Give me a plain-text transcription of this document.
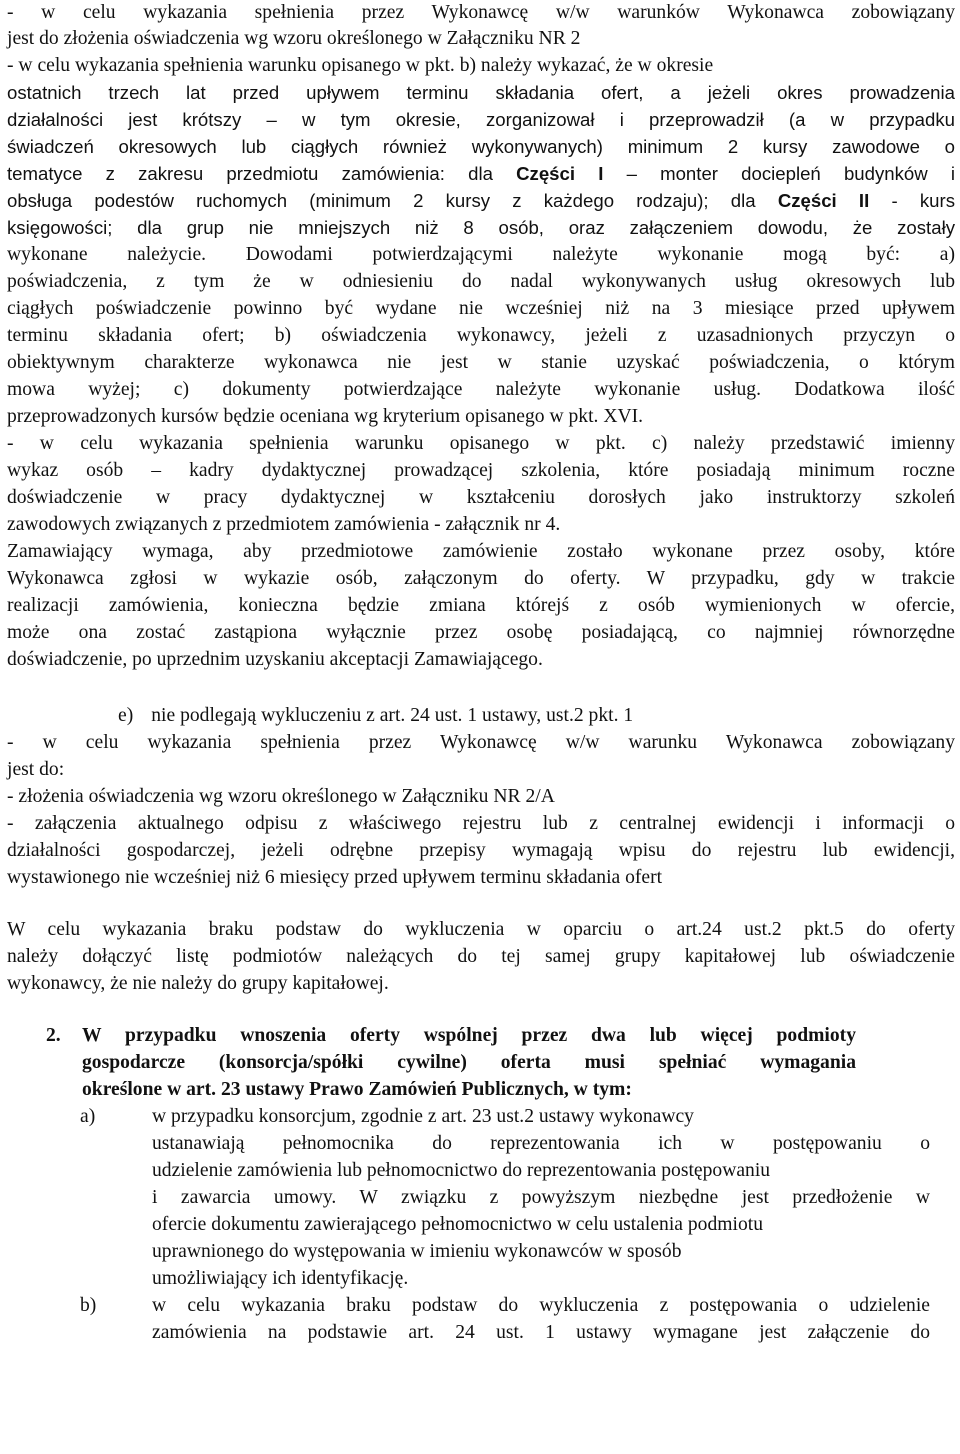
- w celu wykazania spełnienia przez Wykonawcę w/w warunków Wykonawca zobowiązany
jest do złożenia oświadczenia wg wzoru określonego w Załączniku NR 2
- w celu wykazania spełnienia warunku opisanego w pkt. b) należy wykazać, że w okresie
ostatnich trzech lat przed upływem terminu składania ofert, a jeżeli okres prowadzenia
działalności jest krótszy – w tym okresie, zorganizował i przeprowadził (a w przypadku
świadczeń okresowych lub ciągłych również wykonywanych) minimum 2 kursy zawodowe o
tematyce z zakresu przedmiotu zamówienia: dla Części I – monter dociepleń budynków i
obsługa podestów ruchomych (minimum 2 kursy z każdego rodzaju); dla Części II - kurs
księgowości; dla grup nie mniejszych niż 8 osób, oraz załączeniem dowodu, że zostały
wykonane należycie. Dowodami potwierdzającymi należyte wykonanie mogą być: a)
poświadczenia, z tym że w odniesieniu do nadal wykonywanych usług okresowych lub
ciągłych poświadczenie powinno być wydane nie wcześniej niż na 3 miesiące przed upływem
terminu składania ofert; b) oświadczenia wykonawcy, jeżeli z uzasadnionych przyczyn o
obiektywnym charakterze wykonawca nie jest w stanie uzyskać poświadczenia, o którym
mowa wyżej; c) dokumenty potwierdzające należyte wykonanie usług. Dodatkowa ilość
przeprowadzonych kursów będzie oceniana wg kryterium opisanego w pkt. XVI.
- w celu wykazania spełnienia warunku opisanego w pkt. c) należy przedstawić imienny
wykaz osób – kadry dydaktycznej prowadzącej szkolenia, które posiadają minimum roczne
doświadczenie w pracy dydaktycznej w kształceniu dorosłych jako instruktorzy szkoleń
zawodowych związanych z przedmiotem zamówienia - załącznik nr 4.
Zamawiający wymaga, aby przedmiotowe zamówienie zostało wykonane przez osoby, które
Wykonawca zgłosi w wykazie osób, załączonym do oferty. W przypadku, gdy w trakcie
realizacji zamówienia, konieczna będzie zmiana którejś z osób wymienionych w ofercie,
może ona zostać zastąpiona wyłącznie przez osobę posiadającą, co najmniej równorzędne
doświadczenie, po uprzednim uzyskaniu akceptacji Zamawiającego.
e) nie podlegają wykluczeniu z art. 24 ust. 1 ustawy, ust.2 pkt. 1
- w celu wykazania spełnienia przez Wykonawcę w/w warunku Wykonawca zobowiązany
jest do:
- złożenia oświadczenia wg wzoru określonego w Załączniku NR 2/A
- załączenia aktualnego odpisu z właściwego rejestru lub z centralnej ewidencji i informacji o
działalności gospodarczej, jeżeli odrębne przepisy wymagają wpisu do rejestru lub ewidencji,
wystawionego nie wcześniej niż 6 miesięcy przed upływem terminu składania ofert
W celu wykazania braku podstaw do wykluczenia w oparciu o art.24 ust.2 pkt.5 do oferty
należy dołączyć listę podmiotów należących do tej samej grupy kapitałowej lub oświadczenie
wykonawcy, że nie należy do grupy kapitałowej.
2. W przypadku wnoszenia oferty wspólnej przez dwa lub więcej podmioty
gospodarcze (konsorcja/spółki cywilne) oferta musi spełniać wymagania
określone w art. 23 ustawy Prawo Zamówień Publicznych, w tym:
a)	w przypadku konsorcjum, zgodnie z art. 23 ust.2 ustawy wykonawcy
ustanawiają pełnomocnika do reprezentowania ich w postępowaniu o
udzielenie zamówienia lub pełnomocnictwo do reprezentowania postępowaniu
i zawarcia umowy. W związku z powyższym niezbędne jest przedłożenie w
ofercie dokumentu zawierającego pełnomocnictwo w celu ustalenia podmiotu
uprawnionego do występowania w imieniu wykonawców w sposób
umożliwiający ich identyfikację.
b)	w celu wykazania braku podstaw do wykluczenia z postępowania o udzielenie
zamówienia na podstawie art. 24 ust. 1 ustawy wymagane jest załączenie do
